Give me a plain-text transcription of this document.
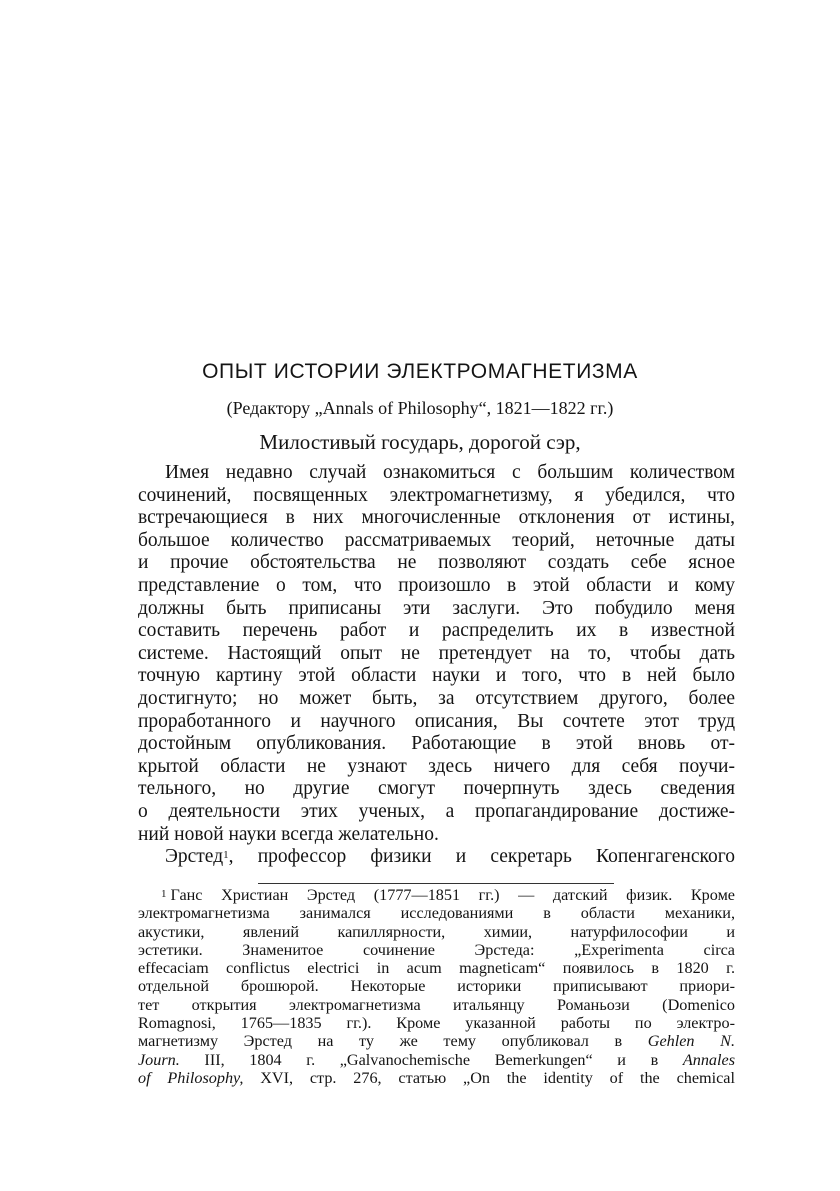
ОПЫТ ИСТОРИИ ЭЛЕКТРОМАГНЕТИЗМА

(Редактору „Annals of Philosophy“, 1821—1822 гг.)

Милостивый государь, дорогой сэр,

Имея недавно случай ознакомиться с большим количеством
сочинений, посвященных электромагнетизму, я убедился, что
встречающиеся в них многочисленные отклонения от истины,
большое количество рассматриваемых теорий, неточные даты
и прочие обстоятельства не позволяют создать себе ясное
представление о том, что произошло в этой области и кому
должны быть приписаны эти заслуги. Это побудило меня
составить перечень работ и распределить их в известной
системе. Настоящий опыт не претендует на то, чтобы дать
точную картину этой области науки и того, что в ней было
достигнуто; но может быть, за отсутствием другого, более
проработанного и научного описания, Вы сочтете этот труд
достойным опубликования. Работающие в этой вновь от-
крытой области не узнают здесь ничего для себя поучи-
тельного, но другие смогут почерпнуть здесь сведения
о деятельности этих ученых, а пропагандирование достиже-
ний новой науки всегда желательно.
Эрстед$^1$, профессор физики и секретарь Копенгагенского
$^1$ Ганс Христиан Эрстед (1777—1851 гг.) — датский физик. Кроме
электромагнетизма занимался исследованиями в области механики,
акустики, явлений капиллярности, химии, натурфилософии и
эстетики. Знаменитое сочинение Эрстеда: „Experimenta circa
effecaciam conflictus electrici in acum magneticam“ появилось в 1820 г.
отдельной брошюрой. Некоторые историки приписывают приори-
тет открытия электромагнетизма итальянцу Романьози (Domenico
Romagnosi, 1765—1835 гг.). Кроме указанной работы по электро-
магнетизму Эрстед на ту же тему опубликовал в Gehlen N.
Journ. III, 1804 г. „Galvanochemische Bemerkungen“ и в Annales
of Philosophy, XVI, стр. 276, статью „On the identity of the chemical
